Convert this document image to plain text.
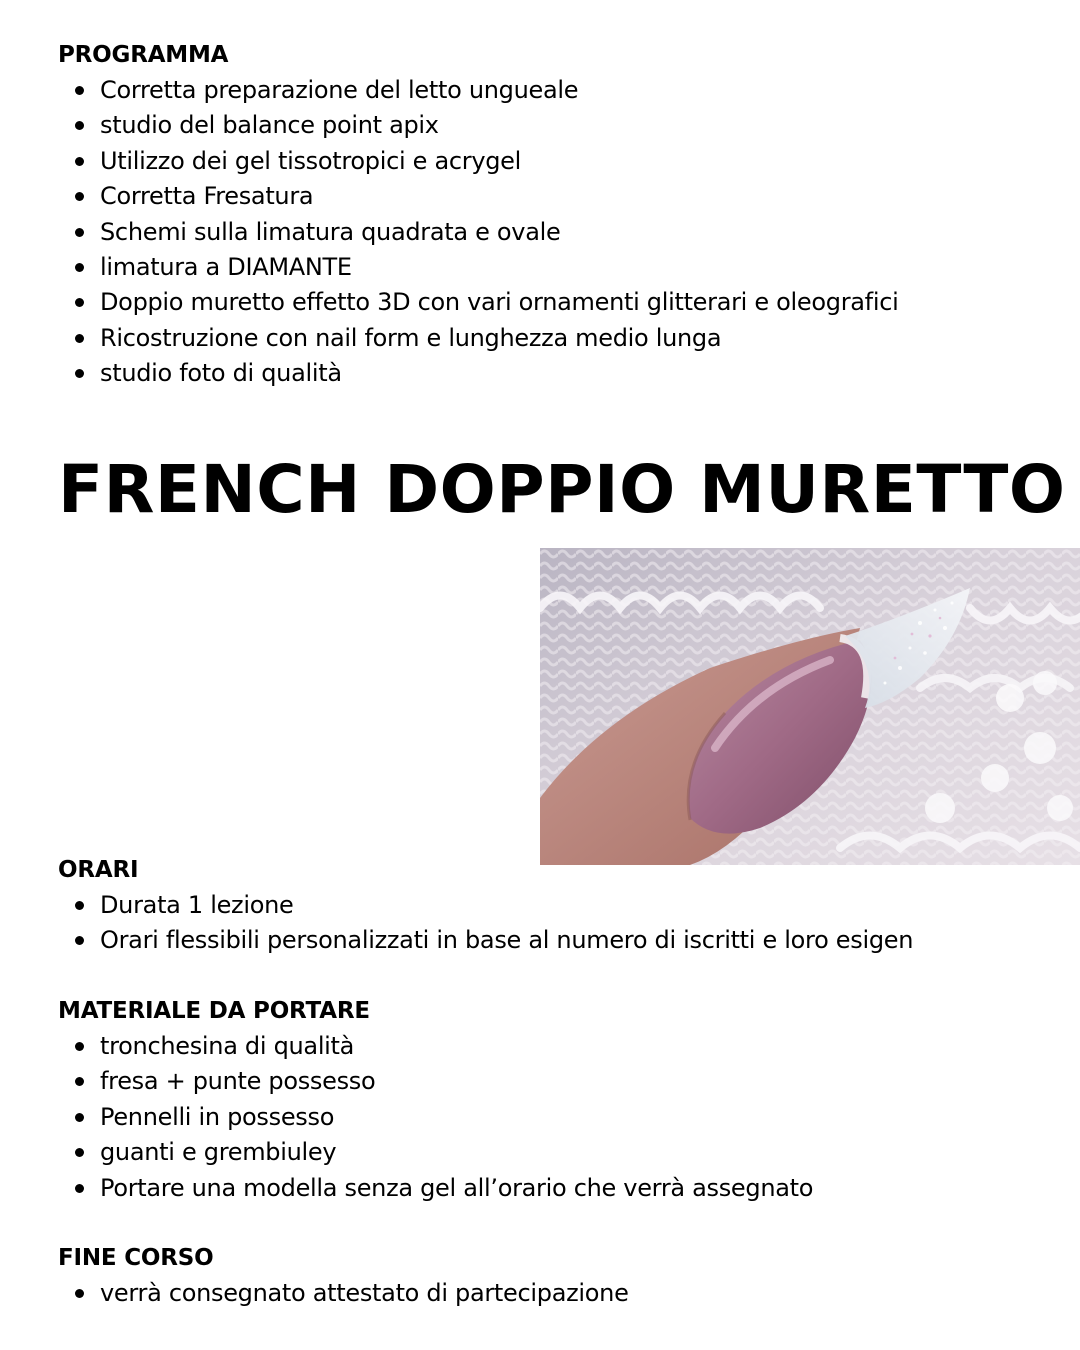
PROGRAMMA
Corretta preparazione del letto ungueale
studio del balance point apix
Utilizzo dei gel tissotropici e acrygel
Corretta Fresatura
Schemi sulla limatura quadrata e ovale
limatura a DIAMANTE
Doppio muretto effetto 3D con vari ornamenti glitterari e oleografici
Ricostruzione con nail form e lunghezza medio lunga
studio foto di qualità
FRENCH DOPPIO MURETTO
ORARI
Durata 1 lezione
Orari flessibili personalizzati in base al numero di iscritti e loro esigen
MATERIALE DA PORTARE
tronchesina di qualità
fresa + punte possesso
Pennelli in possesso
guanti e grembiuley
Portare una modella senza gel all’orario che verrà assegnato
FINE CORSO
verrà consegnato attestato di partecipazione
